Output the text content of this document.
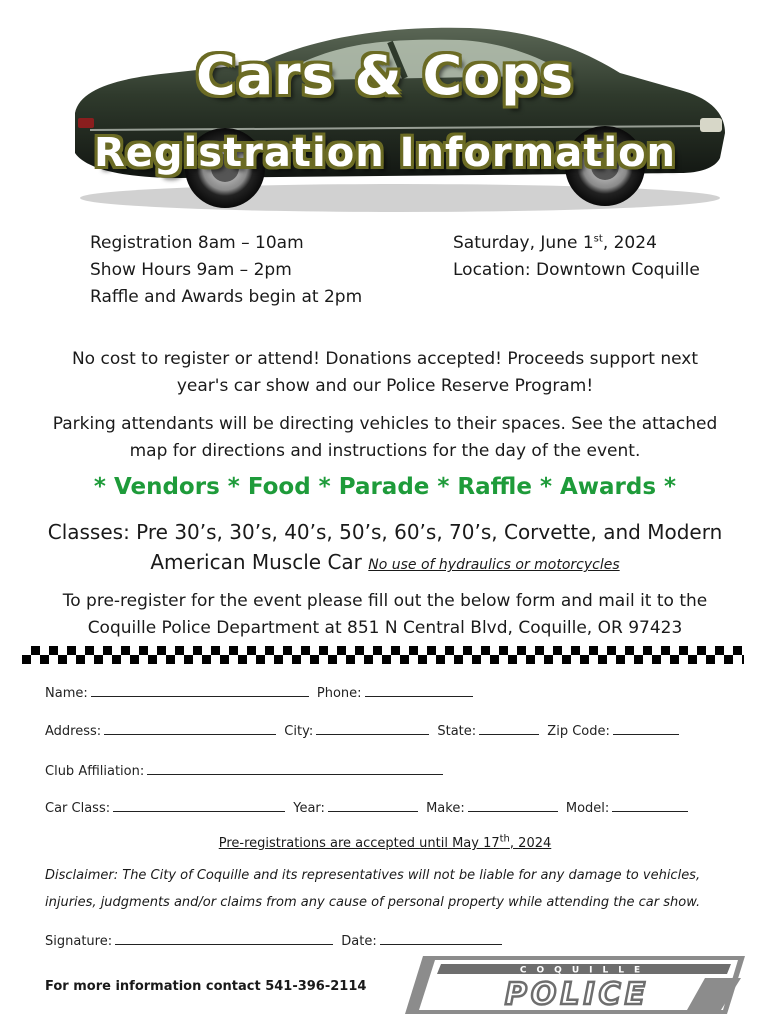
Cars & Cops
Registration Information
Registration 8am – 10am
Show Hours 9am – 2pm
Raffle and Awards begin at 2pm
Saturday, June 1st, 2024
Location: Downtown Coquille
No cost to register or attend! Donations accepted! Proceeds support next
year's car show and our Police Reserve Program!
Parking attendants will be directing vehicles to their spaces. See the attached
map for directions and instructions for the day of the event.
* Vendors * Food * Parade * Raffle * Awards *
Classes: Pre 30’s, 30’s, 40’s, 50’s, 60’s, 70’s, Corvette, and Modern
American Muscle Car No use of hydraulics or motorcycles
To pre-register for the event please fill out the below form and mail it to the
Coquille Police Department at 851 N Central Blvd, Coquille, OR 97423
Name:	Phone:
Address:	City:	State:	Zip Code:
Club Affiliation:
Car Class:	Year:	Make:	Model:
Pre-registrations are accepted until May 17th, 2024
Disclaimer: The City of Coquille and its representatives will not be liable for any damage to vehicles, injuries, judgments and/or claims from any cause of personal property while attending the car show.
Signature:	Date:
For more information contact 541-396-2114
COQUILLE
POLICE
